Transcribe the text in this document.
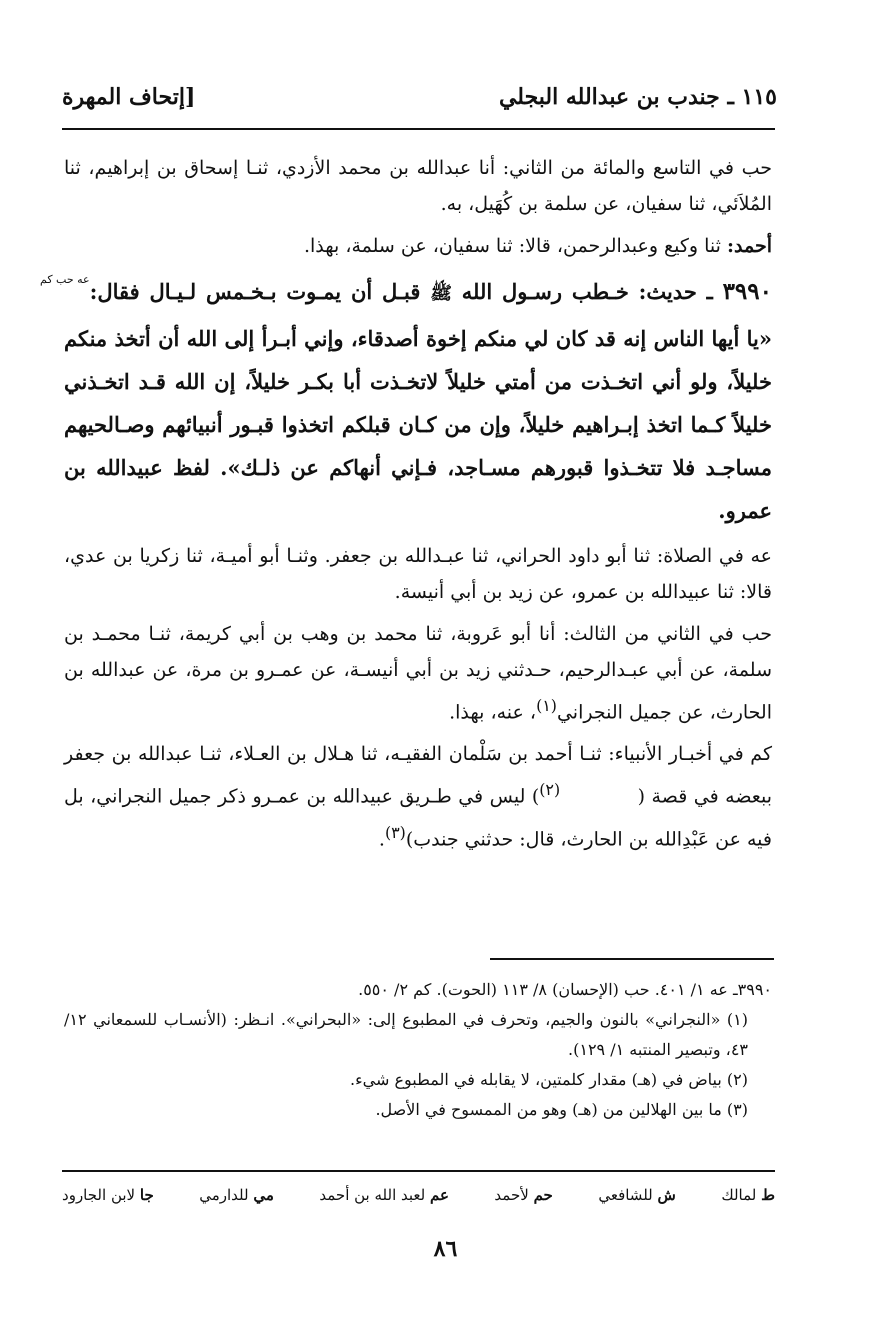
١١٥ ـ جندب بن عبدالله البجلي
[إتحاف المهرة

حب في التاسع والمائة من الثاني: أنا عبدالله بن محمد الأزدي، ثنـا إسحاق بن إبراهيم، ثنا المُلاَئي، ثنا سفيان، عن سلمة بن كُهَيل، به.

أحمد: ثنا وكيع وعبدالرحمن، قالا: ثنا سفيان، عن سلمة، بهذا.

٣٩٩٠ ـ حديث: خـطب رسـول الله ﷺ قبـل أن يمـوت بـخـمس لـيـال فقال:عه حب كم «يا أيها الناس إنه قد كان لي منكم إخوة أصدقاء، وإني أبـرأ إلى الله أن أتخذ منكم خليلاً، ولو أني اتخـذت من أمتي خليلاً لاتخـذت أبا بكـر خليلاً، إن الله قـد اتخـذني خليلاً كـما اتخذ إبـراهيم خليلاً، وإن من كـان قبلكم اتخذوا قبـور أنبيائهم وصـالحيهم مساجـد فلا تتخـذوا قبورهم مسـاجد، فـإني أنهاكم عن ذلـك». لفظ عبيدالله بن عمرو.

عه في الصلاة: ثنا أبو داود الحراني، ثنا عبـدالله بن جعفر. وثنـا أبو أميـة، ثنا زكريا بن عدي، قالا: ثنا عبيدالله بن عمرو، عن زيد بن أبي أنيسة.

حب في الثاني من الثالث: أنا أبو عَروبة، ثنا محمد بن وهب بن أبي كريمة، ثنـا محمـد بن سلمة، عن أبي عبـدالرحيم، حـدثني زيد بن أبي أنيسـة، عن عمـرو بن مرة، عن عبدالله بن الحارث، عن جميل النجراني$^{(١)}$، عنه، بهذا.

كم في أخبـار الأنبياء: ثنـا أحمد بن سَلْمان الفقيـه، ثنا هـلال بن العـلاء، ثنـا عبدالله بن جعفر ببعضه في قصة (            $^{(٢)}$) ليس في طـريق عبيدالله بن عمـرو ذكر جميل النجراني، بل فيه عن عَبْدِالله بن الحارث، قال: حدثني جندب)$^{(٣)}$.

٣٩٩٠ـ عه ١/ ٤٠١. حب (الإحسان) ٨/ ١١٣ (الحوت). كم ٢/ ٥٥٠.

(١) «النجراني» بالنون والجيم، وتحرف في المطبوع إلى: «البحراني». انـظر: (الأنسـاب للسمعاني ١٢/ ٤٣، وتبصير المنتبه ١/ ١٢٩).

(٢) بياض في (هـ) مقدار كلمتين، لا يقابله في المطبوع شيء.

(٣) ما بين الهلالين من (هـ) وهو من الممسوح في الأصل.

ط لمالك
ش للشافعي
حم لأحمد
عم لعبد الله بن أحمد
مي للدارمي
جا لابن الجارود
٨٦
